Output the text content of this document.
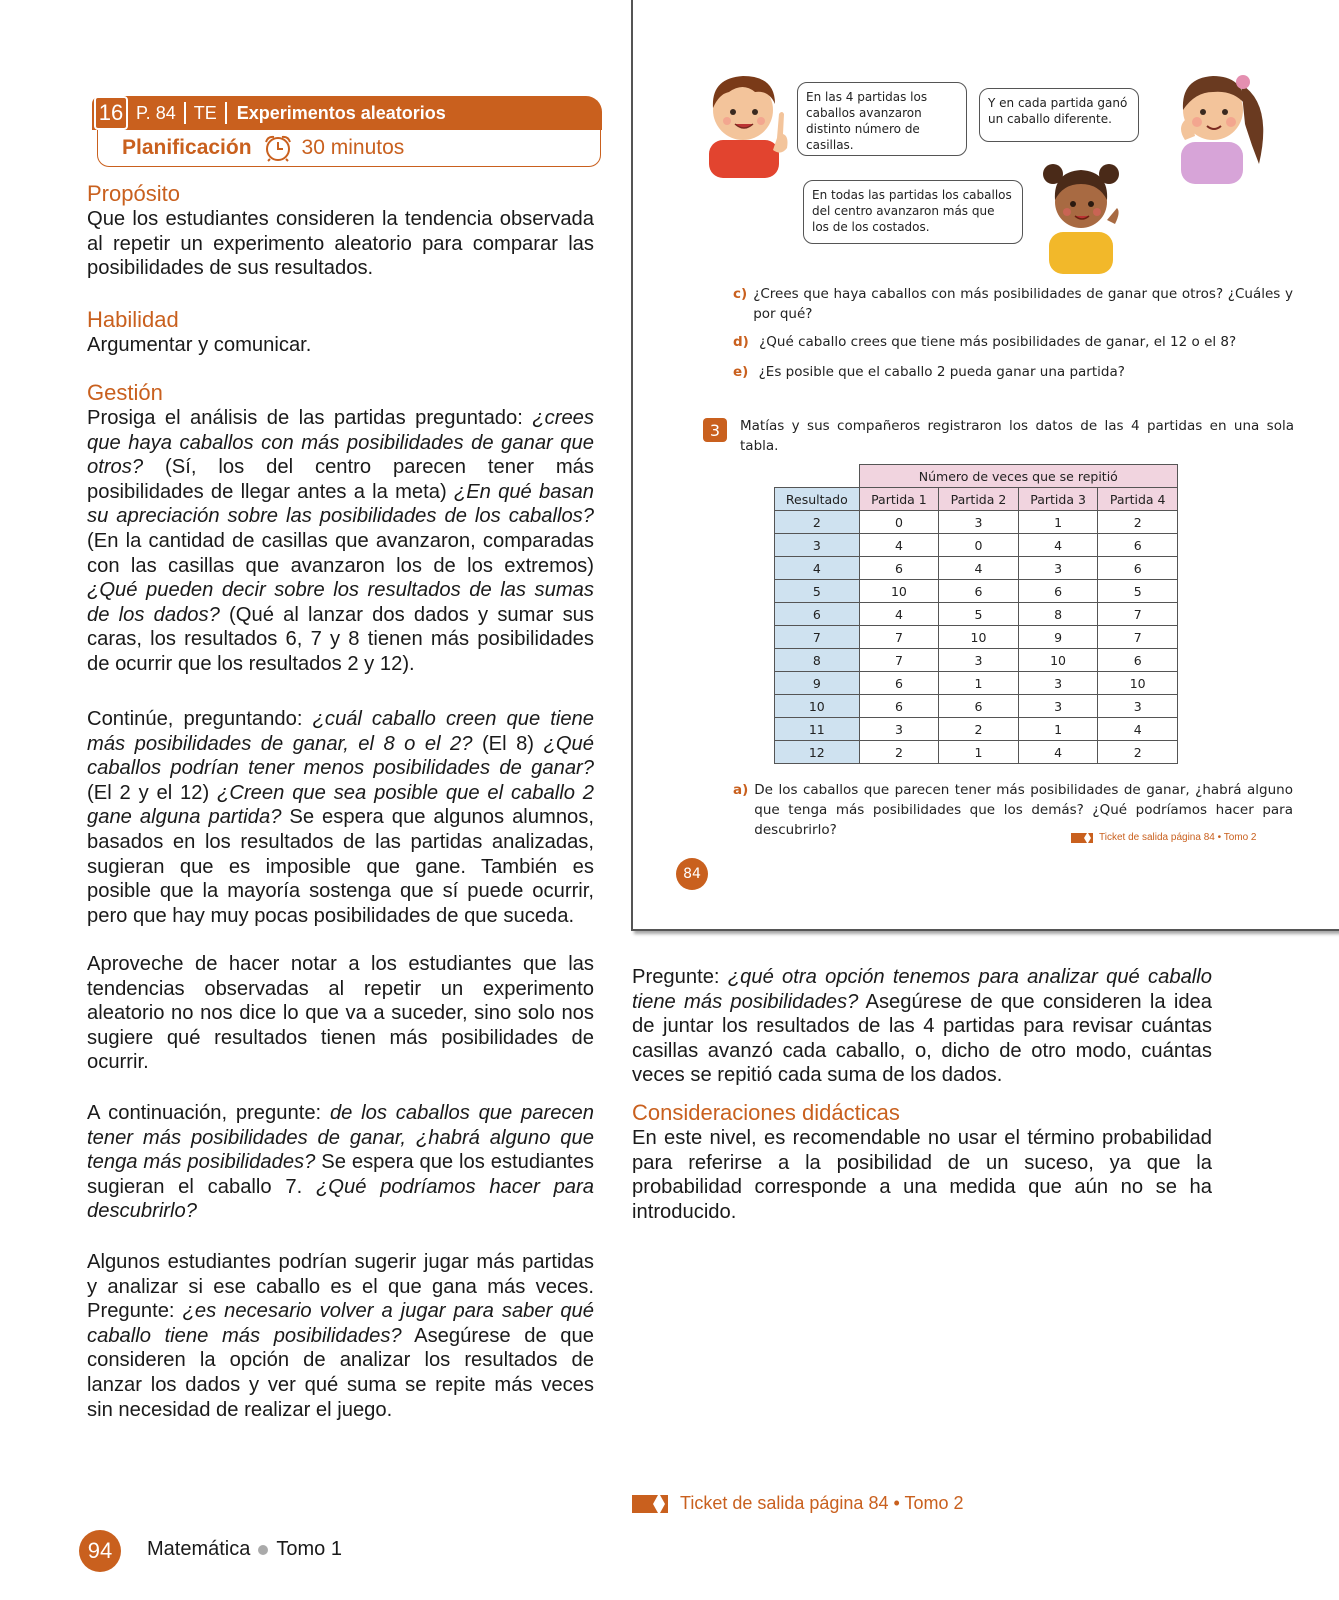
16 P. 84	TE	Experimentos aleatorios
Planificación 30 minutos
Propósito

Que los estudiantes consideren la tendencia observada al repetir un experimento aleatorio para comparar las posibilidades de sus resultados.

Habilidad

Argumentar y comunicar.

Gestión

Prosiga el análisis de las partidas preguntado: ¿crees que haya caballos con más posibilidades de ganar que otros? (Sí, los del centro parecen tener más posibilidades de llegar antes a la meta) ¿En qué basan su apreciación sobre las posibilidades de los caballos? (En la cantidad de casillas que avanzaron, comparadas con las casillas que avanzaron los de los extremos) ¿Qué pueden decir sobre los resultados de las sumas de los dados? (Qué al lanzar dos dados y sumar sus caras, los resultados 6, 7 y 8 tienen más posibilidades de ocurrir que los resultados 2 y 12).

Continúe, preguntando: ¿cuál caballo creen que tiene más posibilidades de ganar, el 8 o el 2? (El 8) ¿Qué caballos podrían tener menos posibilidades de ganar? (El 2 y el 12) ¿Creen que sea posible que el caballo 2 gane alguna partida? Se espera que algunos alumnos, basados en los resultados de las partidas analizadas, sugieran que es imposible que gane. También es posible que la mayoría sostenga que sí puede ocurrir, pero que hay muy pocas posibilidades de que suceda.

Aproveche de hacer notar a los estudiantes que las tendencias observadas al repetir un experimento aleatorio no nos dice lo que va a suceder, sino solo nos sugiere qué resultados tienen más posibilidades de ocurrir.

A continuación, pregunte: de los caballos que parecen tener más posibilidades de ganar, ¿habrá alguno que tenga más posibilidades? Se espera que los estudiantes sugieran el caballo 7. ¿Qué podríamos hacer para descubrirlo?

Algunos estudiantes podrían sugerir jugar más partidas y analizar si ese caballo es el que gana más veces. Pregunte: ¿es necesario volver a jugar para saber qué caballo tiene más posibilidades? Asegúrese de que consideren la opción de analizar los resultados de lanzar los dados y ver qué suma se repite más veces sin necesidad de realizar el juego.

En las 4 partidas los caballos avanzaron distinto número de casillas.
Y en cada partida ganó un caballo diferente.
En todas las partidas los caballos del centro avanzaron más que los de los costados.
c) ¿Crees que haya caballos con más posibilidades de ganar que otros? ¿Cuáles y por qué?
d) ¿Qué caballo crees que tiene más posibilidades de ganar, el 12 o el 8?
e) ¿Es posible que el caballo 2 pueda ganar una partida?
3	Matías y sus compañeros registraron los datos de las 4 partidas en una sola tabla.
	Número de veces que se repitió			
Resultado	Partida 1	Partida 2	Partida 3	Partida 4
2	0	3	1	2
3	4	0	4	6
4	6	4	3	6
5	10	6	6	5
6	4	5	8	7
7	7	10	9	7
8	7	3	10	6
9	6	1	3	10
10	6	6	3	3
11	3	2	1	4
12	2	1	4	2
a) De los caballos que parecen tener más posibilidades de ganar, ¿habrá alguno que tenga más posibilidades que los demás? ¿Qué podríamos hacer para descubrirlo?	Ticket de salida página 84 • Tomo 2
84

Pregunte: ¿qué otra opción tenemos para analizar qué caballo tiene más posibilidades? Asegúrese de que consideren la idea de juntar los resultados de las 4 partidas para revisar cuántas casillas avanzó cada caballo, o, dicho de otro modo, cuántas veces se repitió cada suma de los dados.

Consideraciones didácticas

En este nivel, es recomendable no usar el término probabilidad para referirse a la posibilidad de un suceso, ya que la probabilidad corresponde a una medida que aún no se ha introducido.

Ticket de salida página 84 • Tomo 2
94	Matemática Tomo 1
